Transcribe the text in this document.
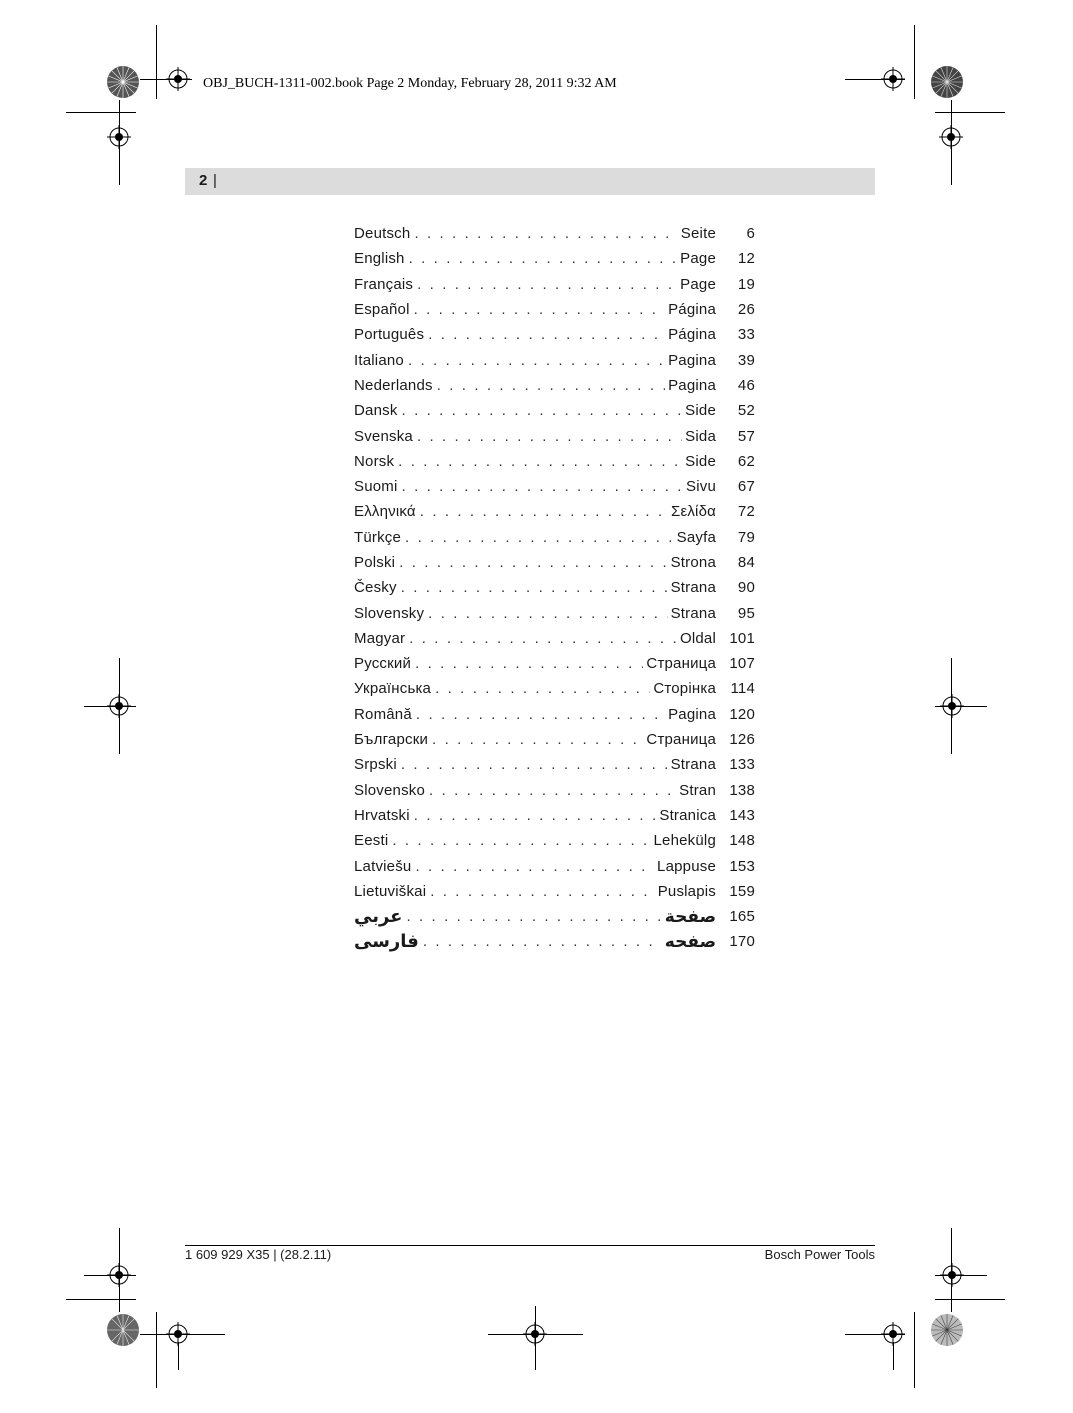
OBJ_BUCH-1311-002.book Page 2 Monday, February 28, 2011 9:32 AM
2 |
Deutsch . . .	Seite	6
English . . .	Page	12
Français . . .	Page	19
Español . . .	Página	26
Português . . .	Página	33
Italiano . . .	Pagina	39
Nederlands . . .	Pagina	46
Dansk . . .	Side	52
Svenska . . .	Sida	57
Norsk . . .	Side	62
Suomi . . .	Sivu	67
Ελληνικά . . .	Σελίδα	72
Türkçe . . .	Sayfa	79
Polski . . .	Strona	84
Česky . . .	Strana	90
Slovensky . . .	Strana	95
Magyar . . .	Oldal 101
Русский . . .	Страница 107
Українська . . .	Сторінка 114
Română . . .	Pagina 120
Български . . .	Страница 126
Srpski . . .	Strana 133
Slovensko . . .	Stran 138
Hrvatski . . .	Stranica 143
Eesti . . .	Lehekülg 148
Latviešu . . .	Lappuse 153
Lietuviškai . . .	Puslapis 159
عربي . . .	صفحة 165
فارسی . . .	صفحه 170
1 609 929 X35 | (28.2.11)	Bosch Power Tools
